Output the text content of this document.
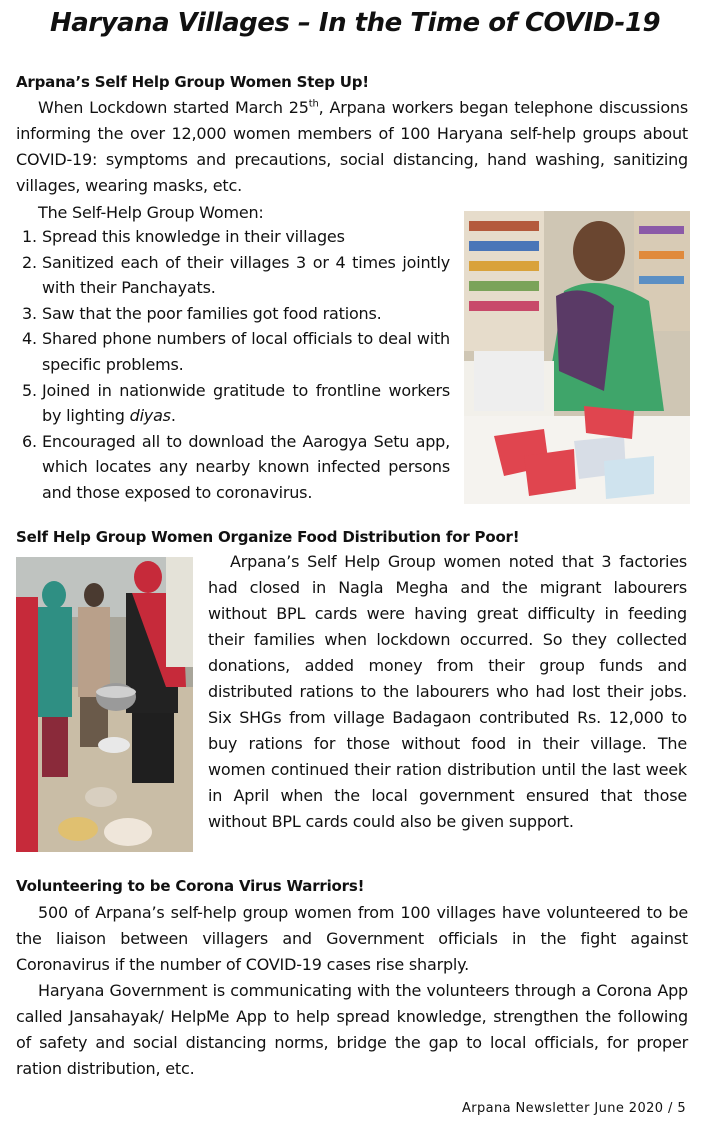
Haryana Villages – In the Time of COVID-19
Arpana’s Self Help Group Women Step Up!

When Lockdown started March 25th, Arpana workers began telephone discussions informing the over 12,000 women members of 100 Haryana self-help groups about COVID-19: symptoms and precautions, social distancing, hand washing, sanitizing villages, wearing masks, etc.

The Self-Help Group Women:

1. Spread this knowledge in their villages
2. Sanitized each of their villages 3 or 4 times jointly with their Panchayats.
3. Saw that the poor families got food rations.
4. Shared phone numbers of local officials to deal with specific problems.
5. Joined in nationwide gratitude to frontline workers by lighting diyas.
6. Encouraged all to download the Aarogya Setu app, which locates any nearby known infected persons and those exposed to coronavirus.
Self Help Group Women Organize Food Distribution for Poor!

Arpana’s Self Help Group women noted that 3 factories had closed in Nagla Megha and the migrant labourers without BPL cards were having great difficulty in feeding their families when lockdown occurred. So they collected donations, added money from their group funds and distributed rations to the labourers who had lost their jobs. Six SHGs from village Badagaon contributed Rs. 12,000 to buy rations for those without food in their village. The women continued their ration distribution until the last week in April when the local government ensured that those without BPL cards could also be given support.

Volunteering to be Corona Virus Warriors!

500 of Arpana’s self-help group women from 100 villages have volunteered to be the liaison between villagers and Government officials in the fight against Coronavirus if the number of COVID-19 cases rise sharply.

Haryana Government is communicating with the volunteers through a Corona App called Jansahayak/ HelpMe App to help spread knowledge, strengthen the following of safety and social distancing norms, bridge the gap to local officials, for proper ration distribution, etc.

Arpana Newsletter June 2020 / 5
